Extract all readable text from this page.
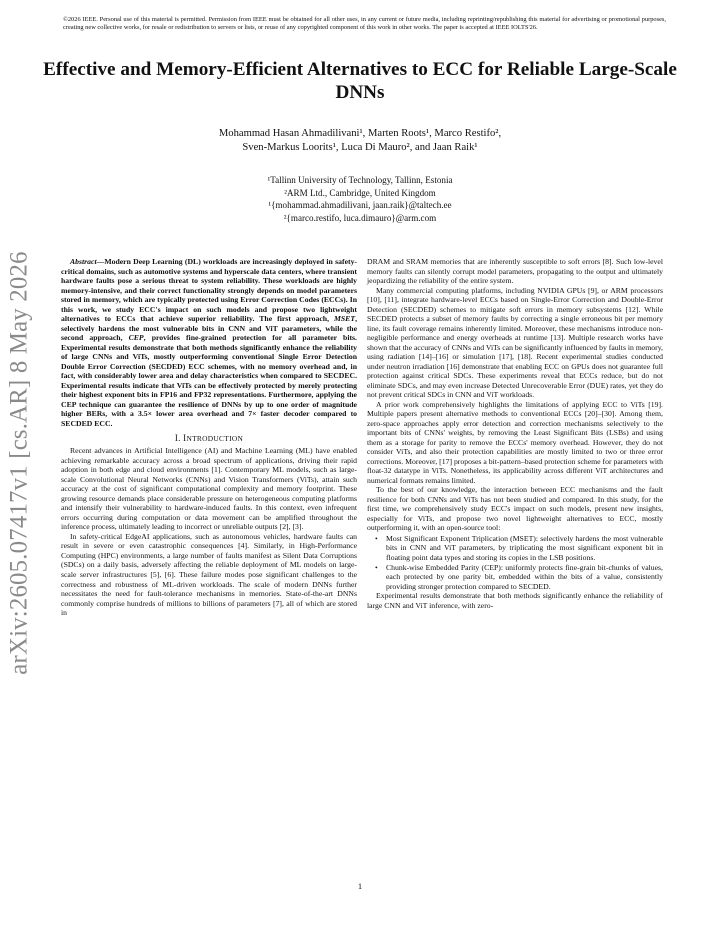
©2026 IEEE. Personal use of this material is permitted. Permission from IEEE must be obtained for all other uses, in any current or future media, including reprinting/republishing this material for advertising or promotional purposes, creating new collective works, for resale or redistribution to servers or lists, or reuse of any copyrighted component of this work in other works. The paper is accepted at IEEE IOLTS'26.
Effective and Memory-Efficient Alternatives to ECC for Reliable Large-Scale DNNs
Mohammad Hasan Ahmadilivani¹, Marten Roots¹, Marco Restifo²,
Sven-Markus Loorits¹, Luca Di Mauro², and Jaan Raik¹
¹Tallinn University of Technology, Tallinn, Estonia
²ARM Ltd., Cambridge, United Kingdom
¹{mohammad.ahmadilivani, jaan.raik}@taltech.ee
²{marco.restifo, luca.dimauro}@arm.com
arXiv:2605.07417v1 [cs.AR] 8 May 2026	Abstract—Modern Deep Learning (DL) workloads are increasingly deployed in safety-critical domains, such as automotive systems and hyperscale data centers, where transient hardware faults pose a serious threat to system reliability. These workloads are highly memory-intensive, and their correct functionality strongly depends on model parameters stored in memory, which are typically protected using Error Correction Codes (ECCs). In this work, we study ECC's impact on such models and propose two lightweight alternatives to ECCs that achieve superior reliability. The first approach, MSET, selectively hardens the most vulnerable bits in CNN and ViT parameters, while the second approach, CEP, provides fine-grained protection for all parameter bits. Experimental results demonstrate that both methods significantly enhance the reliability of large CNNs and ViTs, mostly outperforming conventional Single Error Detection Double Error Correction (SECDED) ECC schemes, with no memory overhead and, in fact, with considerably lower area and delay characteristics when compared to SECDEC. Experimental results indicate that ViTs can be effectively protected by merely protecting their highest exponent bits in FP16 and FP32 representations. Furthermore, applying the CEP technique can guarantee the resilience of DNNs by up to one order of magnitude higher BERs, with a 3.5× lower area overhead and 7× faster decoder compared to SECDED ECC.

I. INTRODUCTION

Recent advances in Artificial Intelligence (AI) and Machine Learning (ML) have enabled achieving remarkable accuracy across a broad spectrum of applications, driving their rapid adoption in both edge and cloud environments [1]. Contemporary ML models, such as large-scale Convolutional Neural Networks (CNNs) and Vision Transformers (ViTs), attain such accuracy at the cost of significant computational complexity and memory footprint. These growing resource demands place considerable pressure on heterogeneous computing platforms and intensify their vulnerability to hardware-induced faults. In this context, even infrequent errors occurring during computation or data movement can be amplified throughout the inference process, ultimately leading to incorrect or unreliable outputs [2], [3].

In safety-critical EdgeAI applications, such as autonomous vehicles, hardware faults can result in severe or even catastrophic consequences [4]. Similarly, in High-Performance Computing (HPC) environments, a large number of faults manifest as Silent Data Corruptions (SDCs) on a daily basis, adversely affecting the reliable deployment of ML models on large-scale server infrastructures [5], [6]. These failure modes pose significant challenges to the correctness and robustness of ML-driven workloads. The scale of modern DNNs further necessitates the need for fault-tolerance mechanisms in memories. State-of-the-art DNNs commonly comprise hundreds of millions to billions of parameters [7], all of which are stored in

DRAM and SRAM memories that are inherently susceptible to soft errors [8]. Such low-level memory faults can silently corrupt model parameters, propagating to the output and ultimately jeopardizing the reliability of the entire system.

Many commercial computing platforms, including NVIDIA GPUs [9], or ARM processors [10], [11], integrate hardware-level ECCs based on Single-Error Correction and Double-Error Detection (SECDED) schemes to mitigate soft errors in memory subsystems [12]. While SECDED protects a subset of memory faults by correcting a single erroneous bit per memory line, its fault coverage remains inherently limited. Moreover, these mechanisms introduce non-negligible performance and energy overheads at runtime [13]. Multiple research works have shown that the accuracy of CNNs and ViTs can be significantly influenced by faults in memory, using radiation [14]–[16] or simulation [17], [18]. Recent experimental studies conducted under neutron irradiation [16] demonstrate that enabling ECC on GPUs does not guarantee full protection against critical SDCs. These experiments reveal that ECCs reduce, but do not eliminate SDCs, and may even increase Detected Unrecoverable Error (DUE) rates, yet they do not prevent critical SDCs in CNN and ViT workloads.

A prior work comprehensively highlights the limitations of applying ECC to ViTs [19]. Multiple papers present alternative methods to conventional ECCs [20]–[30]. Among them, zero-space approaches apply error detection and correction mechanisms selectively to the important bits of CNNs' weights, by removing the Least Significant Bits (LSBs) and using them as a storage for parity to remove the ECCs' memory overhead. However, they do not consider ViTs, and also their protection capabilities are mostly limited to two or three error corrections. Moreover, [17] proposes a bit-pattern–based protection scheme for parameters with float-32 datatype in ViTs. Nonetheless, its applicability across different ViT architectures and numerical formats remains limited.

To the best of our knowledge, the interaction between ECC mechanisms and the fault resilience for both CNNs and ViTs has not been studied and compared. In this study, for the first time, we comprehensively study ECC's impact on such models, present new insights, especially for ViTs, and propose two novel lightweight alternatives to ECC, mostly outperforming it, with an open-source tool:

• Most Significant Exponent Triplication (MSET): selectively hardens the most vulnerable bits in CNN and ViT parameters, by triplicating the most significant exponent bit in floating point data types and storing its copies in the LSB positions.
• Chunk-wise Embedded Parity (CEP): uniformly protects fine-grain bit-chunks of values, each protected by one parity bit, embedded within the bits of a value, consistently providing stronger protection compared to SECDED.

Experimental results demonstrate that both methods significantly enhance the reliability of large CNN and ViT inference, with zero-

1
